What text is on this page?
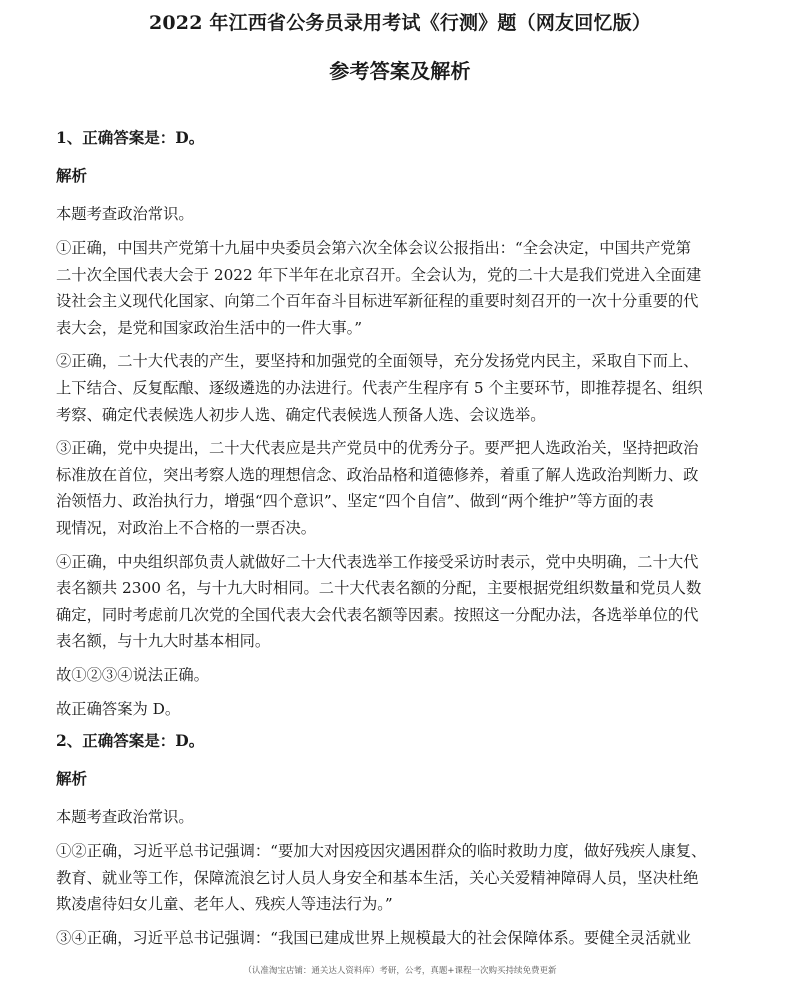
2022 年江西省公务员录用考试《行测》题（网友回忆版）
参考答案及解析
1、正确答案是：D。
解析
本题考查政治常识。
①正确，中国共产党第十九届中央委员会第六次全体会议公报指出：“全会决定，中国共产党第
二十次全国代表大会于 2022 年下半年在北京召开。全会认为，党的二十大是我们党进入全面建
设社会主义现代化国家、向第二个百年奋斗目标进军新征程的重要时刻召开的一次十分重要的代
表大会，是党和国家政治生活中的一件大事。”
②正确，二十大代表的产生，要坚持和加强党的全面领导，充分发扬党内民主，采取自下而上、
上下结合、反复酝酿、逐级遴选的办法进行。代表产生程序有 5 个主要环节，即推荐提名、组织
考察、确定代表候选人初步人选、确定代表候选人预备人选、会议选举。
③正确，党中央提出，二十大代表应是共产党员中的优秀分子。要严把人选政治关，坚持把政治
标准放在首位，突出考察人选的理想信念、政治品格和道德修养，着重了解人选政治判断力、政
治领悟力、政治执行力，增强“四个意识”、坚定“四个自信”、做到“两个维护”等方面的表
现情况，对政治上不合格的一票否决。
④正确，中央组织部负责人就做好二十大代表选举工作接受采访时表示，党中央明确，二十大代
表名额共 2300 名，与十九大时相同。二十大代表名额的分配，主要根据党组织数量和党员人数
确定，同时考虑前几次党的全国代表大会代表名额等因素。按照这一分配办法，各选举单位的代
表名额，与十九大时基本相同。
故①②③④说法正确。
故正确答案为 D。
2、正确答案是：D。
解析
本题考查政治常识。
①②正确，习近平总书记强调：“要加大对因疫因灾遇困群众的临时救助力度，做好残疾人康复、
教育、就业等工作，保障流浪乞讨人员人身安全和基本生活，关心关爱精神障碍人员，坚决杜绝
欺凌虐待妇女儿童、老年人、残疾人等违法行为。”
③④正确，习近平总书记强调：“我国已建成世界上规模最大的社会保障体系。要健全灵活就业
（认准淘宝店铺：通关达人资料库）考研，公考，真题+课程一次购买持续免费更新
